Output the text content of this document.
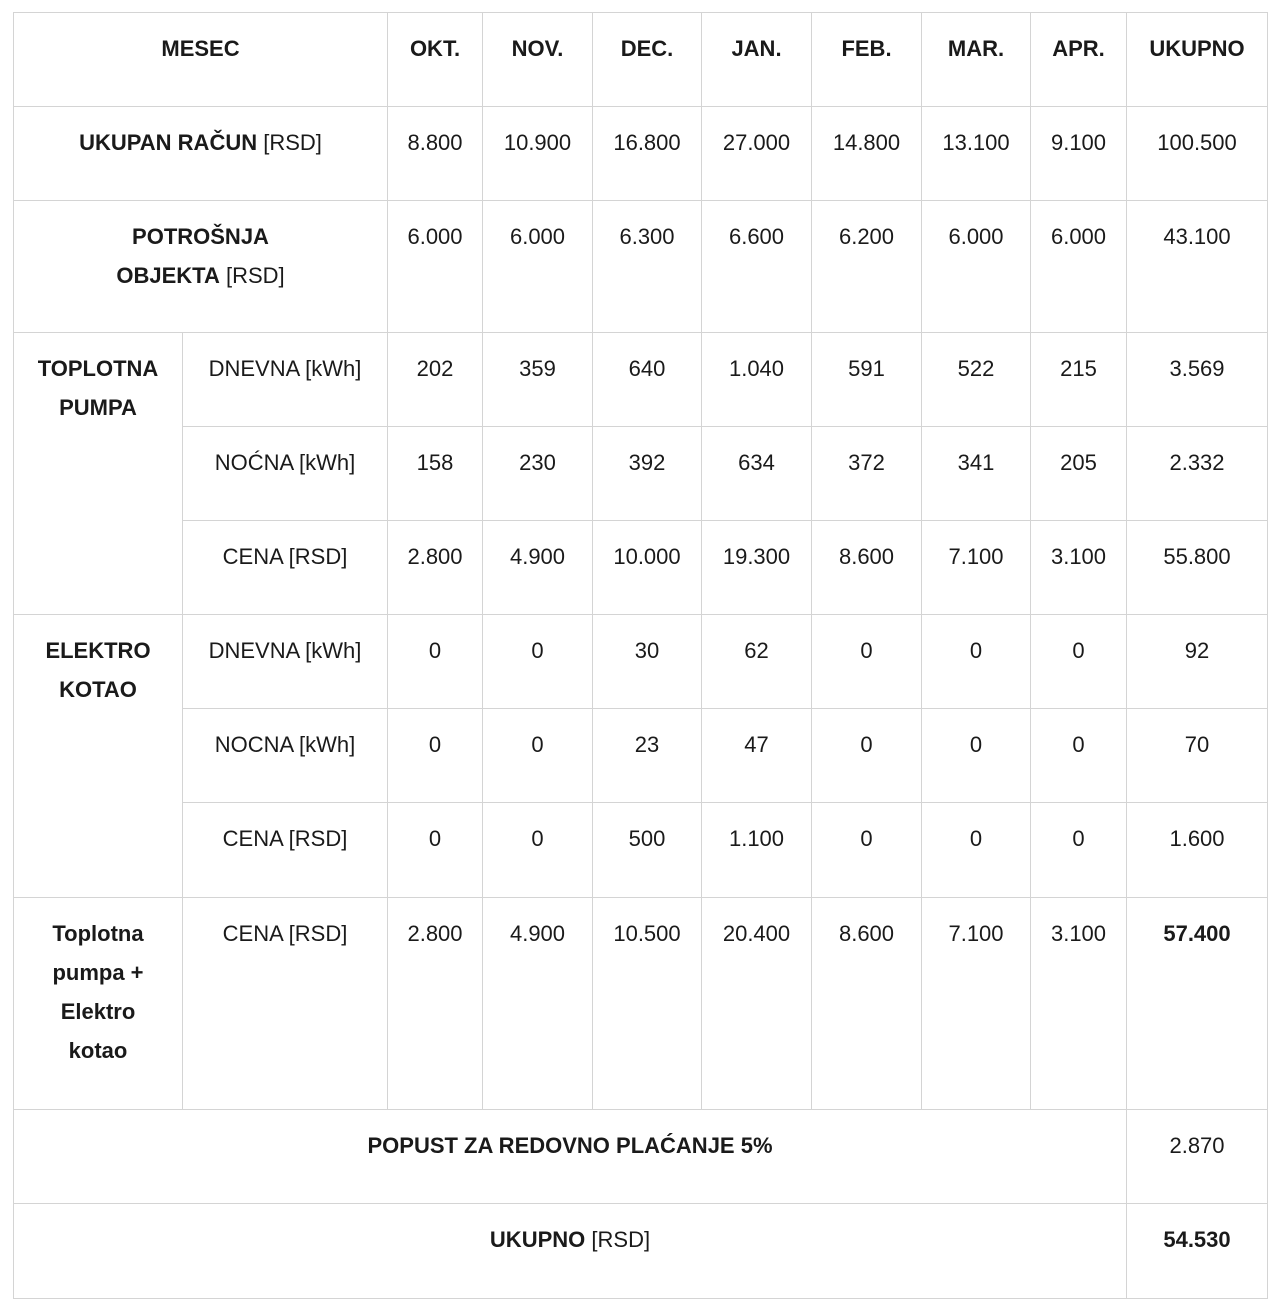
MESEC		OKT.	NOV.	DEC.	JAN.	FEB.	MAR.	APR.	UKUPNO
UKUPAN RAČUN [RSD]		8.800	10.900	16.800	27.000	14.800	13.100	9.100	100.500
POTROŠNJA
OBJEKTA [RSD]		6.000	6.000	6.300	6.600	6.200	6.000	6.000	43.100
TOPLOTNA
PUMPA	DNEVNA [kWh]	202	359	640	1.040	591	522	215	3.569
	NOĆNA [kWh]	158	230	392	634	372	341	205	2.332
	CENA [RSD]	2.800	4.900	10.000	19.300	8.600	7.100	3.100	55.800
ELEKTRO
KOTAO	DNEVNA [kWh]	0	0	30	62	0	0	0	92
	NOCNA [kWh]	0	0	23	47	0	0	0	70
	CENA [RSD]	0	0	500	1.100	0	0	0	1.600
Toplotna
pumpa +
Elektro
kotao	CENA [RSD]	2.800	4.900	10.500	20.400	8.600	7.100	3.100	57.400
POPUST ZA REDOVNO PLAĆANJE 5%									2.870
UKUPNO [RSD]									54.530
